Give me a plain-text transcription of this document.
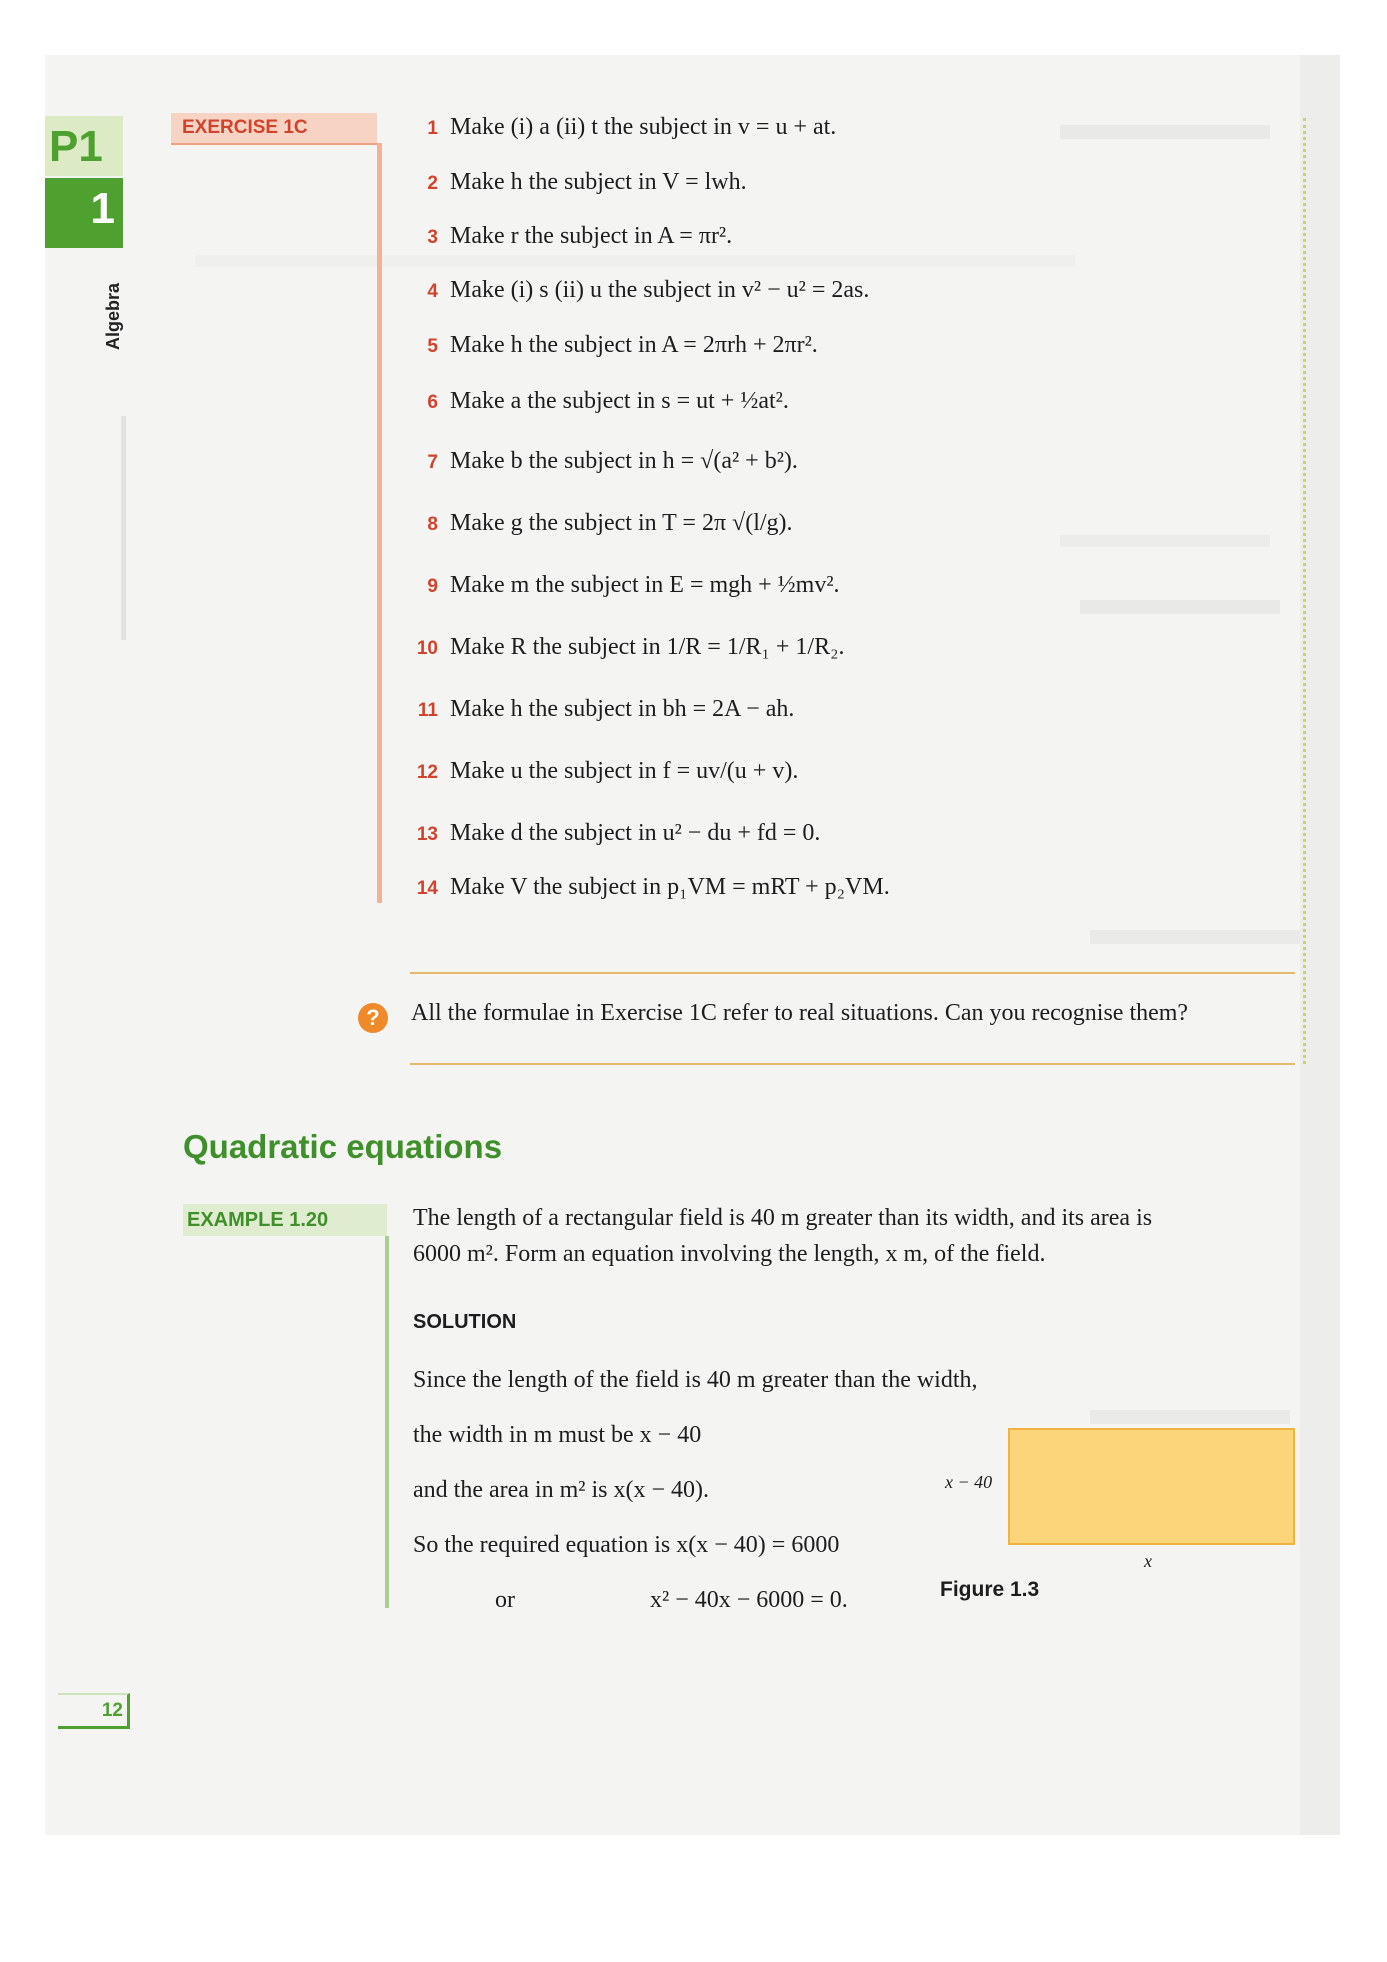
▬▬▬▬▬▬▬▬▬▬▬▬▬▬
P1
1
Algebra
EXERCISE 1C	1 Make (i) a (ii) t the subject in v = u + at.
2 Make h the subject in V = lwh.
3 Make r the subject in A = πr².
4 Make (i) s (ii) u the subject in v² − u² = 2as.
5 Make h the subject in A = 2πrh + 2πr².
6 Make a the subject in s = ut + ½at².
7 Make b the subject in h = √(a² + b²).
8 Make g the subject in T = 2π √(l/g).
9 Make m the subject in E = mgh + ½mv².
10 Make R the subject in 1/R = 1/R₁ + 1/R₂.
11 Make h the subject in bh = 2A − ah.
12 Make u the subject in f = uv/(u + v).
13 Make d the subject in u² − du + fd = 0.
14 Make V the subject in p₁VM = mRT + p₂VM.
?	All the formulae in Exercise 1C refer to real situations. Can you recognise them?
Quadratic equations
EXAMPLE 1.20	The length of a rectangular field is 40 m greater than its width, and its area is
6000 m². Form an equation involving the length, x m, of the field.
SOLUTION
Since the length of the field is 40 m greater than the width,
the width in m must be x − 40
and the area in m² is x(x − 40).
So the required equation is x(x − 40) = 6000
or	x² − 40x − 6000 = 0.
x − 40
x
Figure 1.3
12
